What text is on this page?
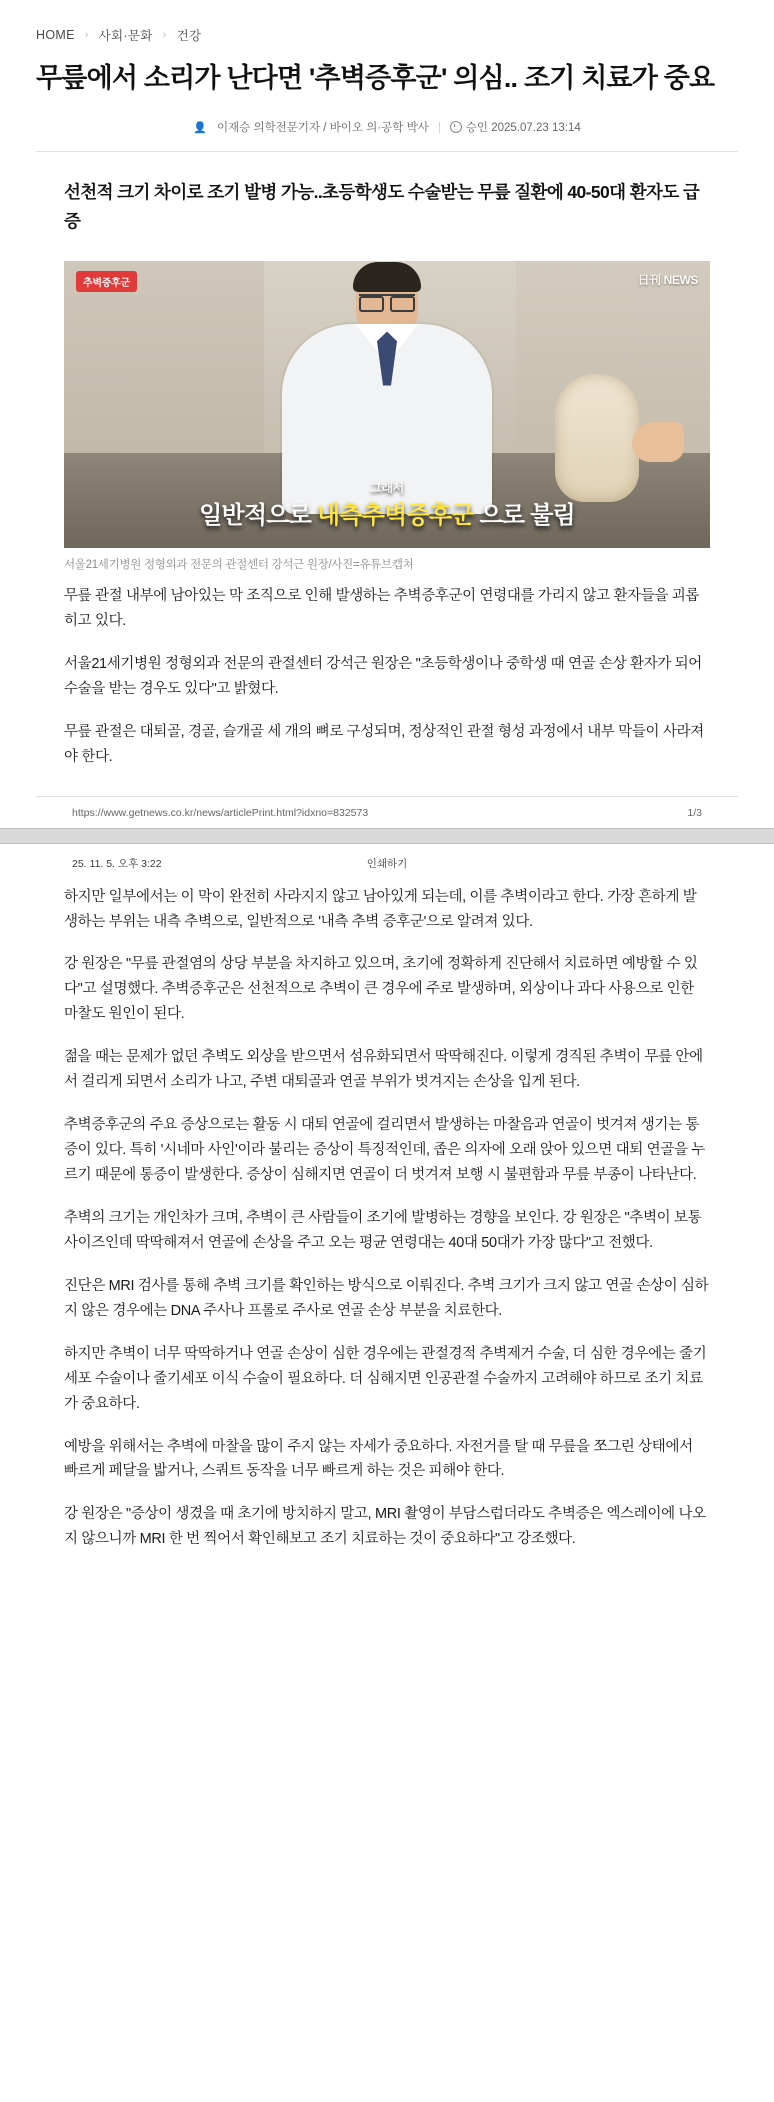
HOME › 사회·문화 › 건강
무릎에서 소리가 난다면 '추벽증후군' 의심.. 조기 치료가 중요
👤 이재승 의학전문기자 / 바이오 의·공학 박사	승인 2025.07.23 13:14

선천적 크기 차이로 조기 발병 가능..초등학생도 수술받는 무릎 질환에 40-50대 환자도 급증

추벽증후군	日刊 NEWS
그래서
일반적으로 내측추벽증후군 으로 불림
서울21세기병원 정형외과 전문의 관절센터 강석근 원장/사진=유튜브캡쳐

무릎 관절 내부에 남아있는 막 조직으로 인해 발생하는 추벽증후군이 연령대를 가리지 않고 환자들을 괴롭히고 있다.

서울21세기병원 정형외과 전문의 관절센터 강석근 원장은 "초등학생이나 중학생 때 연골 손상 환자가 되어 수술을 받는 경우도 있다"고 밝혔다.

무릎 관절은 대퇴골, 경골, 슬개골 세 개의 뼈로 구성되며, 정상적인 관절 형성 과정에서 내부 막들이 사라져야 한다.

https://www.getnews.co.kr/news/articlePrint.html?idxno=832573	1/3
25. 11. 5. 오후 3:22	인쇄하기

하지만 일부에서는 이 막이 완전히 사라지지 않고 남아있게 되는데, 이를 추벽이라고 한다. 가장 흔하게 발생하는 부위는 내측 추벽으로, 일반적으로 '내측 추벽 증후군'으로 알려져 있다.

강 원장은 "무릎 관절염의 상당 부분을 차지하고 있으며, 초기에 정확하게 진단해서 치료하면 예방할 수 있다"고 설명했다. 추벽증후군은 선천적으로 추벽이 큰 경우에 주로 발생하며, 외상이나 과다 사용으로 인한 마찰도 원인이 된다.

젊을 때는 문제가 없던 추벽도 외상을 받으면서 섬유화되면서 딱딱해진다. 이렇게 경직된 추벽이 무릎 안에서 걸리게 되면서 소리가 나고, 주변 대퇴골과 연골 부위가 벗겨지는 손상을 입게 된다.

추벽증후군의 주요 증상으로는 활동 시 대퇴 연골에 걸리면서 발생하는 마찰음과 연골이 벗겨져 생기는 통증이 있다. 특히 '시네마 사인'이라 불리는 증상이 특징적인데, 좁은 의자에 오래 앉아 있으면 대퇴 연골을 누르기 때문에 통증이 발생한다. 증상이 심해지면 연골이 더 벗겨져 보행 시 불편함과 무릎 부종이 나타난다.

추벽의 크기는 개인차가 크며, 추벽이 큰 사람들이 조기에 발병하는 경향을 보인다. 강 원장은 "추벽이 보통 사이즈인데 딱딱해져서 연골에 손상을 주고 오는 평균 연령대는 40대 50대가 가장 많다"고 전했다.

진단은 MRI 검사를 통해 추벽 크기를 확인하는 방식으로 이뤄진다. 추벽 크기가 크지 않고 연골 손상이 심하지 않은 경우에는 DNA 주사나 프롤로 주사로 연골 손상 부분을 치료한다.

하지만 추벽이 너무 딱딱하거나 연골 손상이 심한 경우에는 관절경적 추벽제거 수술, 더 심한 경우에는 줄기세포 수술이나 줄기세포 이식 수술이 필요하다. 더 심해지면 인공관절 수술까지 고려해야 하므로 조기 치료가 중요하다.

예방을 위해서는 추벽에 마찰을 많이 주지 않는 자세가 중요하다. 자전거를 탈 때 무릎을 쪼그린 상태에서 빠르게 페달을 밟거나, 스쿼트 동작을 너무 빠르게 하는 것은 피해야 한다.

강 원장은 "증상이 생겼을 때 초기에 방치하지 말고, MRI 촬영이 부담스럽더라도 추벽증은 엑스레이에 나오지 않으니까 MRI 한 번 찍어서 확인해보고 조기 치료하는 것이 중요하다"고 강조했다.
